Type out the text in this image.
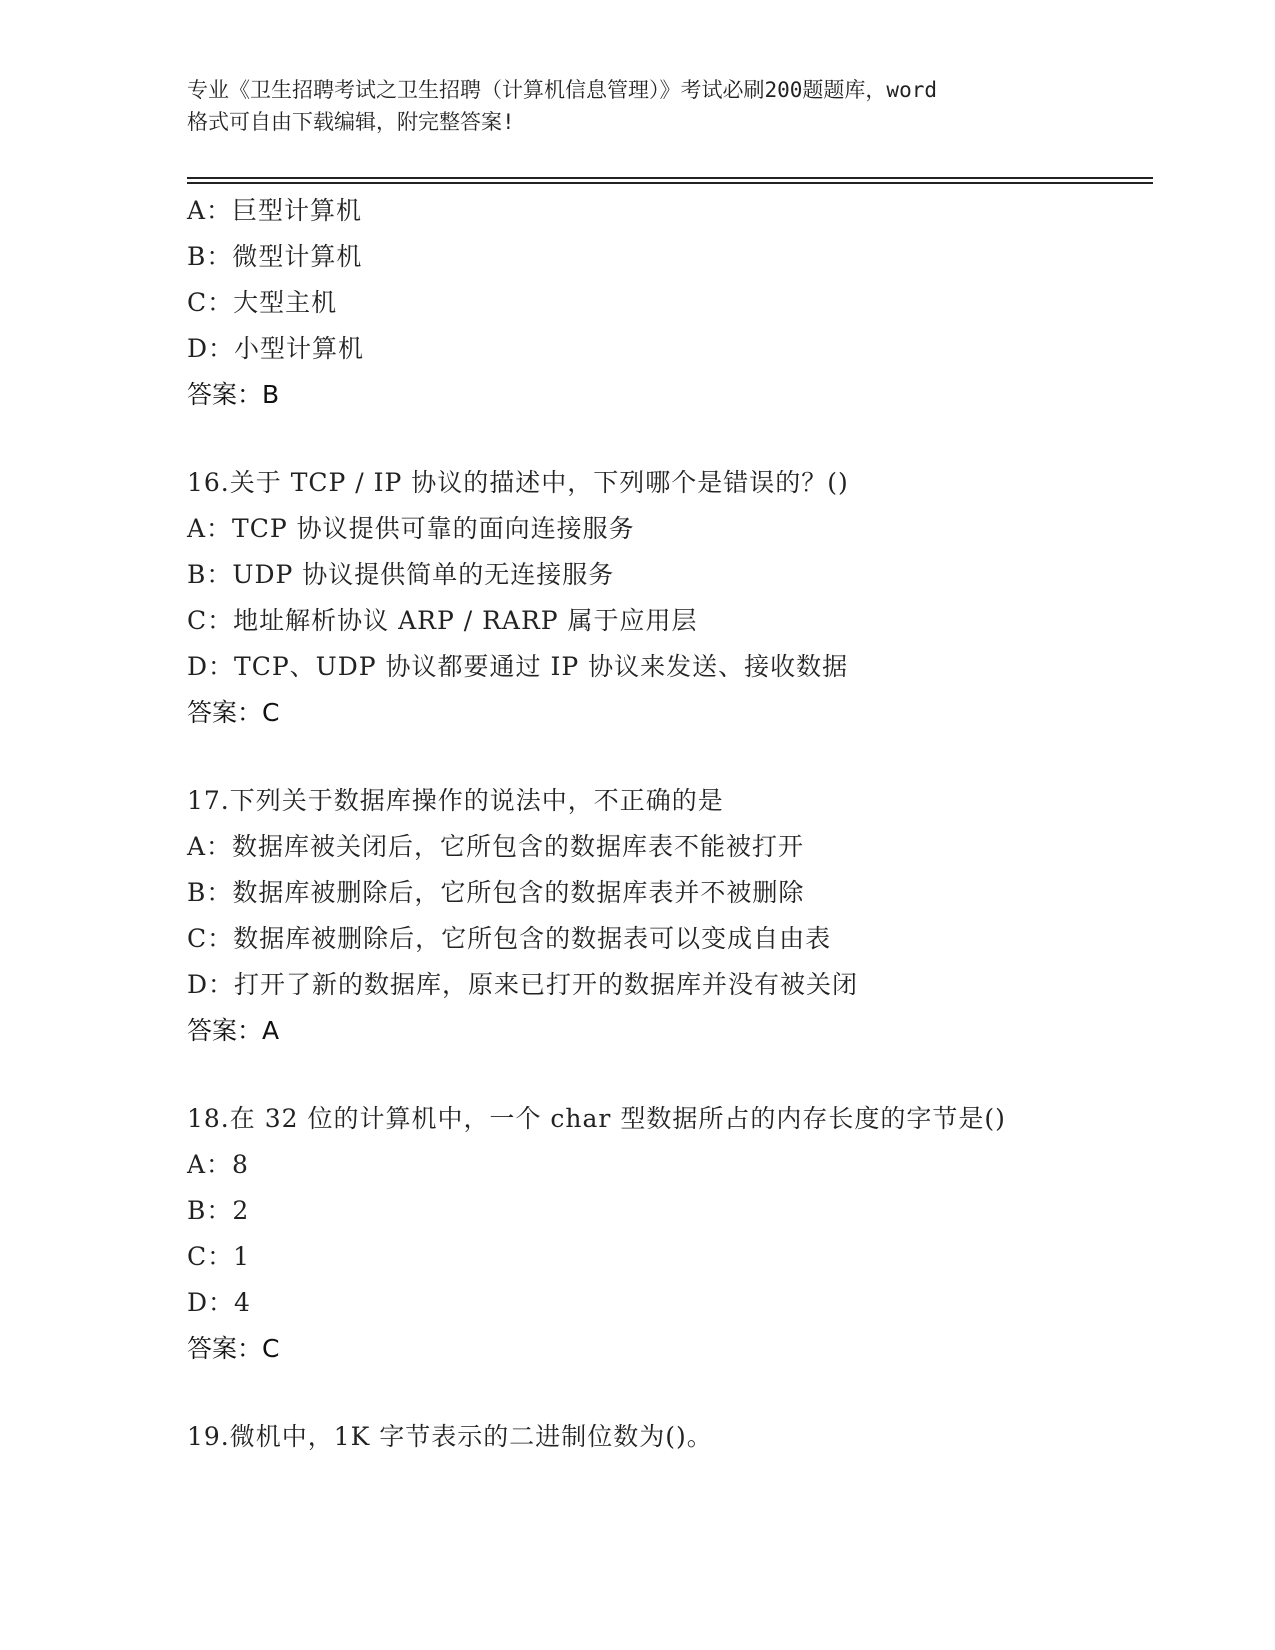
专业《卫生招聘考试之卫生招聘（计算机信息管理）》考试必刷200题题库，word
格式可自由下载编辑，附完整答案!
A：巨型计算机
B：微型计算机
C：大型主机
D：小型计算机
答案：B
16.关于 TCP / IP 协议的描述中，下列哪个是错误的？()
A：TCP 协议提供可靠的面向连接服务
B：UDP 协议提供简单的无连接服务
C：地址解析协议 ARP / RARP 属于应用层
D：TCP、UDP 协议都要通过 IP 协议来发送、接收数据
答案：C
17.下列关于数据库操作的说法中，不正确的是
A：数据库被关闭后，它所包含的数据库表不能被打开
B：数据库被删除后，它所包含的数据库表并不被删除
C：数据库被删除后，它所包含的数据表可以变成自由表
D：打开了新的数据库，原来已打开的数据库并没有被关闭
答案：A
18.在 32 位的计算机中，一个 char 型数据所占的内存长度的字节是()
A：8
B：2
C：1
D：4
答案：C
19.微机中，1K 字节表示的二进制位数为()。
